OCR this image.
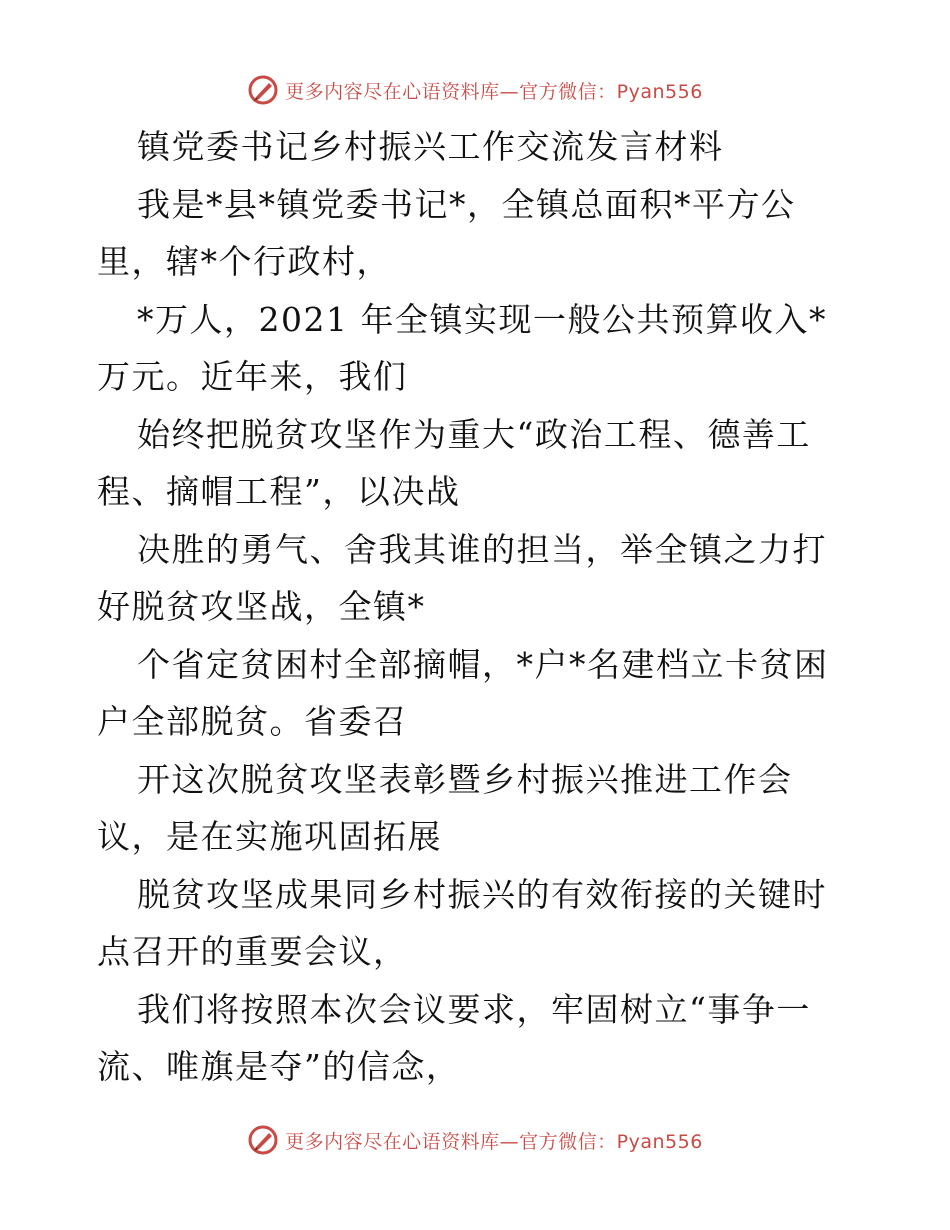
更多内容尽在心语资料库—官方微信：Pyan556

镇党委书记乡村振兴工作交流发言材料

我是*县*镇党委书记*，全镇总面积*平方公里，辖*个行政村，

*万人，2021 年全镇实现一般公共预算收入*万元。近年来，我们

始终把脱贫攻坚作为重大“政治工程、德善工程、摘帽工程”，以决战

决胜的勇气、舍我其谁的担当，举全镇之力打好脱贫攻坚战，全镇*

个省定贫困村全部摘帽，*户*名建档立卡贫困户全部脱贫。省委召

开这次脱贫攻坚表彰暨乡村振兴推进工作会议，是在实施巩固拓展

脱贫攻坚成果同乡村振兴的有效衔接的关键时点召开的重要会议，

我们将按照本次会议要求，牢固树立“事争一流、唯旗是夺”的信念，

更多内容尽在心语资料库—官方微信：Pyan556
